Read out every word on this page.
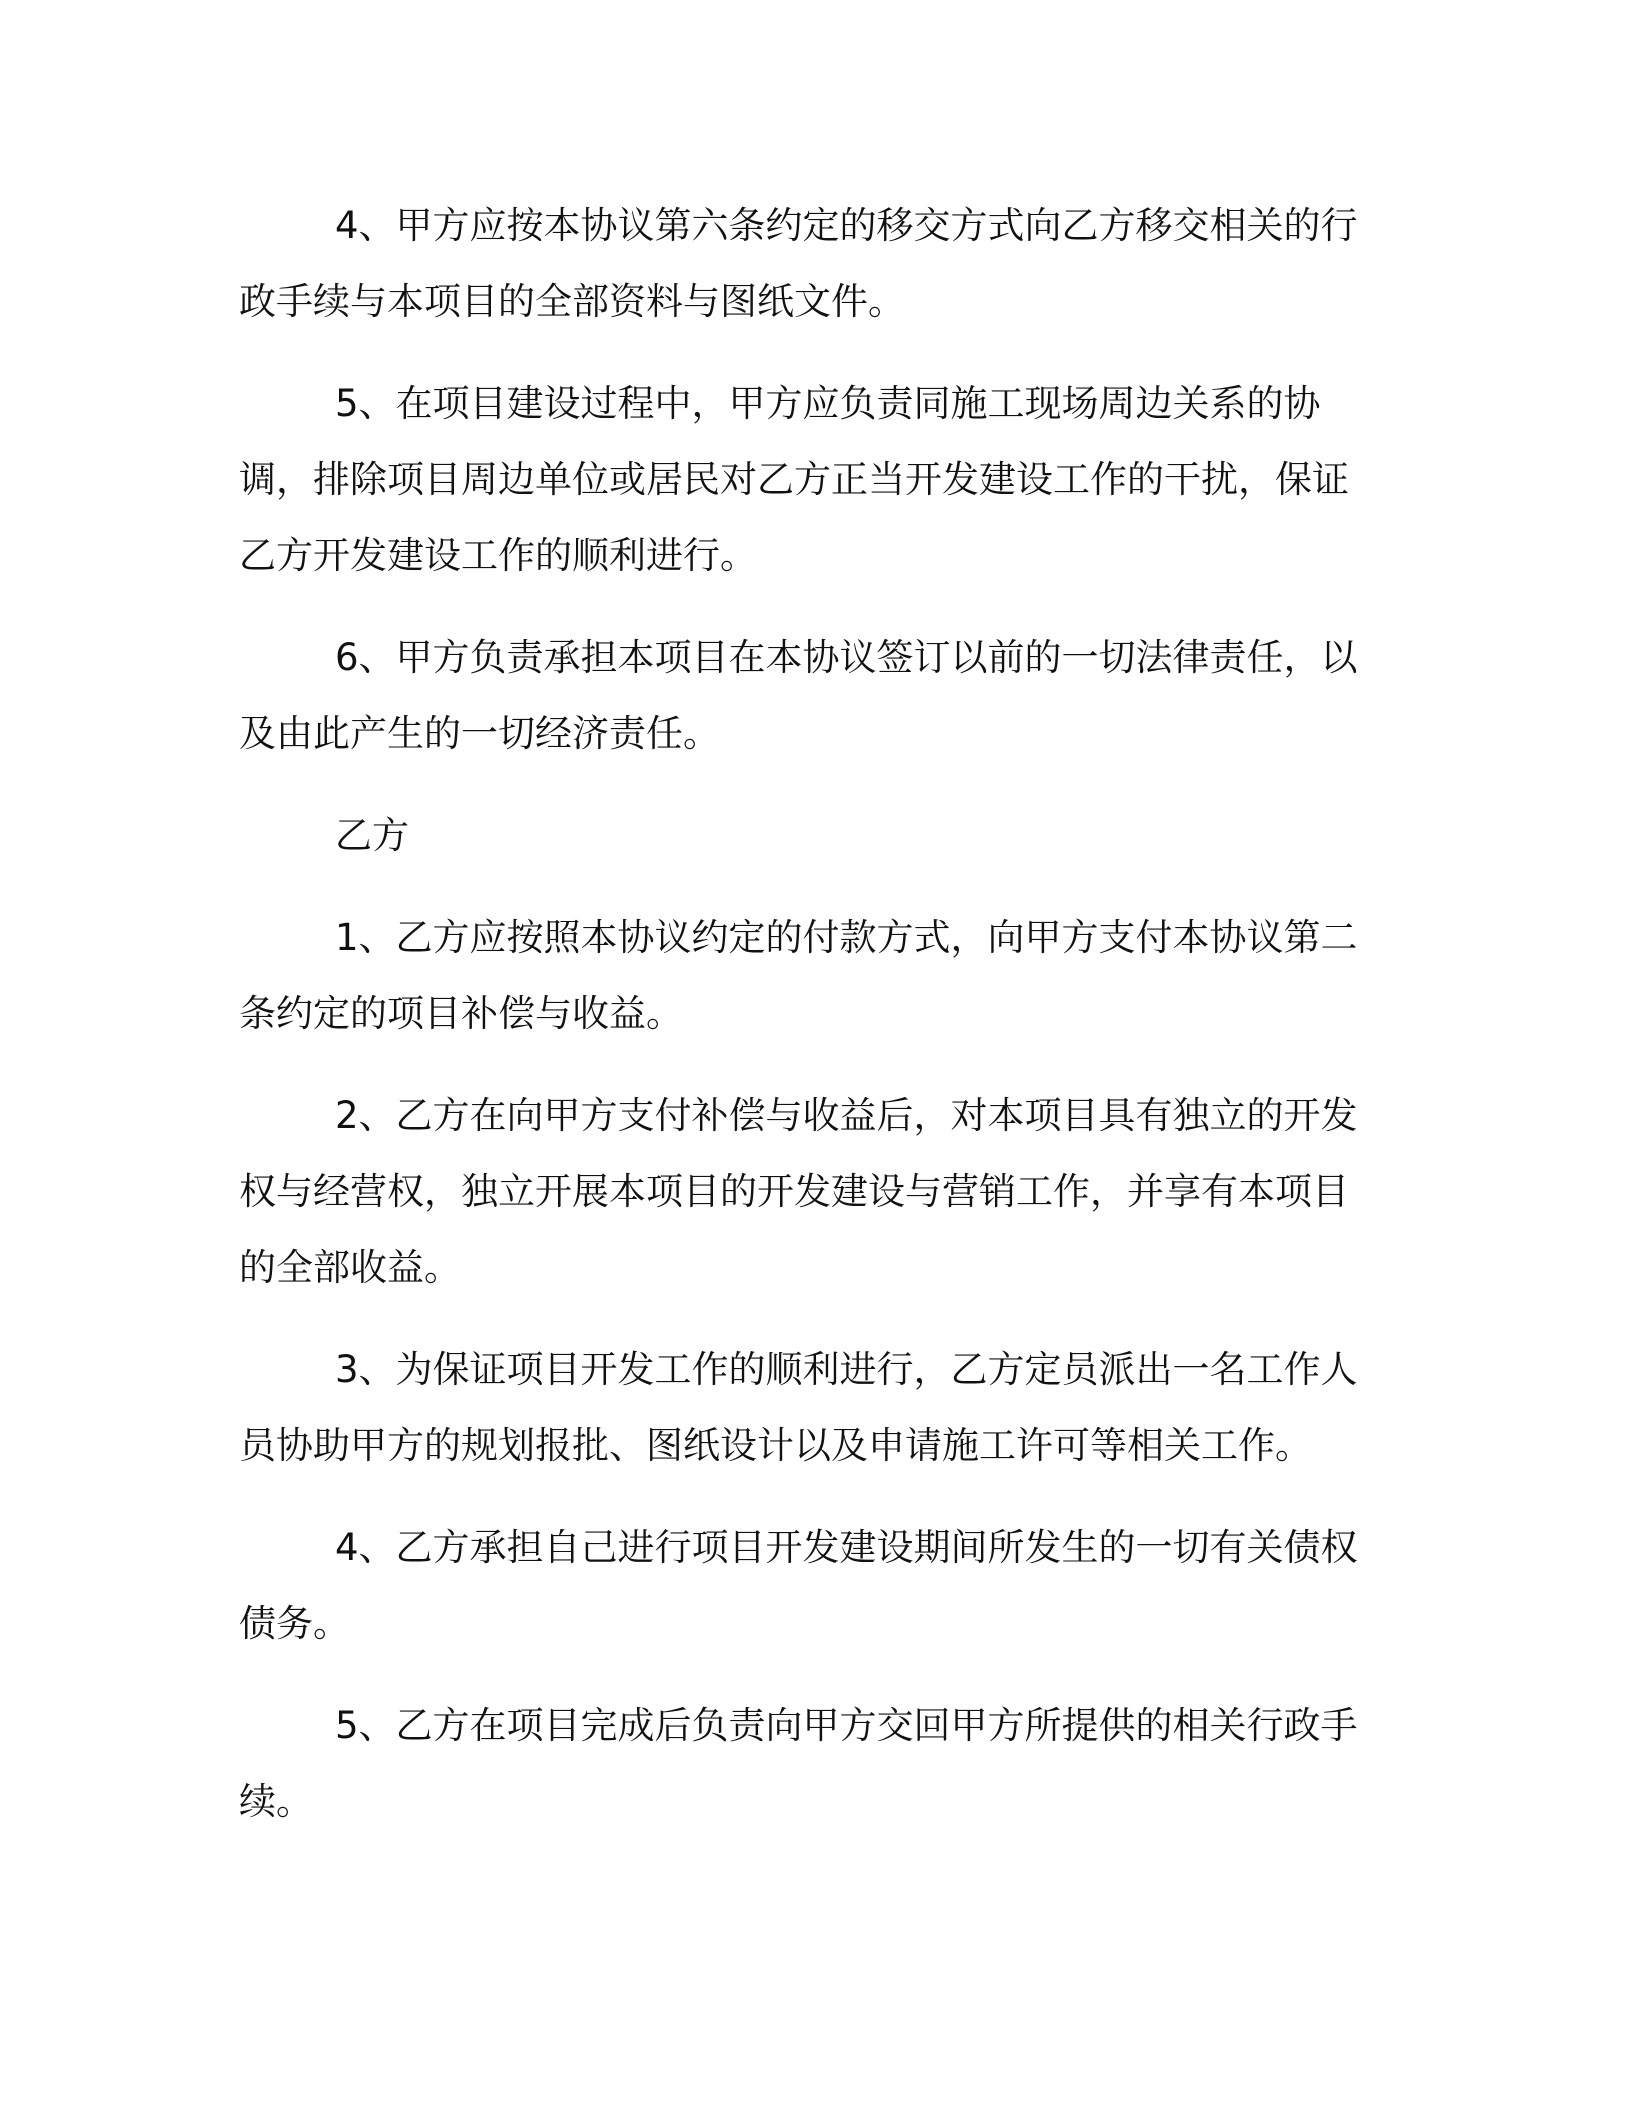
4、甲方应按本协议第六条约定的移交方式向乙方移交相关的行政手续与本项目的全部资料与图纸文件。

5、在项目建设过程中，甲方应负责同施工现场周边关系的协调，排除项目周边单位或居民对乙方正当开发建设工作的干扰，保证乙方开发建设工作的顺利进行。

6、甲方负责承担本项目在本协议签订以前的一切法律责任，以及由此产生的一切经济责任。

乙方

1、乙方应按照本协议约定的付款方式，向甲方支付本协议第二条约定的项目补偿与收益。

2、乙方在向甲方支付补偿与收益后，对本项目具有独立的开发权与经营权，独立开展本项目的开发建设与营销工作，并享有本项目的全部收益。

3、为保证项目开发工作的顺利进行，乙方定员派出一名工作人员协助甲方的规划报批、图纸设计以及申请施工许可等相关工作。

4、乙方承担自己进行项目开发建设期间所发生的一切有关债权债务。

5、乙方在项目完成后负责向甲方交回甲方所提供的相关行政手续。
